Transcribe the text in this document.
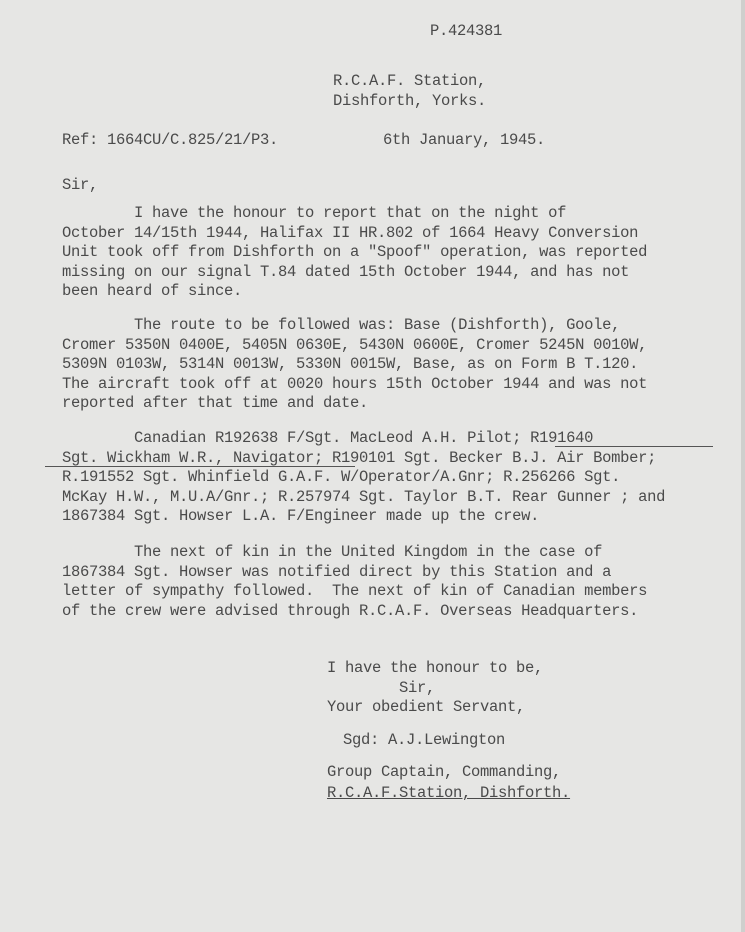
P.424381
R.C.A.F. Station,
Dishforth, Yorks.
Ref: 1664CU/C.825/21/P3.	6th January, 1945.
Sir,
I have the honour to report that on the night of
October 14/15th 1944, Halifax II HR.802 of 1664 Heavy Conversion
Unit took off from Dishforth on a "Spoof" operation, was reported
missing on our signal T.84 dated 15th October 1944, and has not
been heard of since.
The route to be followed was: Base (Dishforth), Goole,
Cromer 5350N 0400E, 5405N 0630E, 5430N 0600E, Cromer 5245N 0010W,
5309N 0103W, 5314N 0013W, 5330N 0015W, Base, as on Form B T.120.
The aircraft took off at 0020 hours 15th October 1944 and was not
reported after that time and date.
Canadian R192638 F/Sgt. MacLeod A.H. Pilot; R191640
Sgt. Wickham W.R., Navigator; R190101 Sgt. Becker B.J. Air Bomber;
R.191552 Sgt. Whinfield G.A.F. W/Operator/A.Gnr; R.256266 Sgt.
McKay H.W., M.U.A/Gnr.; R.257974 Sgt. Taylor B.T. Rear Gunner ; and
1867384 Sgt. Howser L.A. F/Engineer made up the crew.
The next of kin in the United Kingdom in the case of
1867384 Sgt. Howser was notified direct by this Station and a
letter of sympathy followed.  The next of kin of Canadian members
of the crew were advised through R.C.A.F. Overseas Headquarters.
I have the honour to be,
Sir,
Your obedient Servant,
Sgd: A.J.Lewington
Group Captain, Commanding,
R.C.A.F.Station, Dishforth.
